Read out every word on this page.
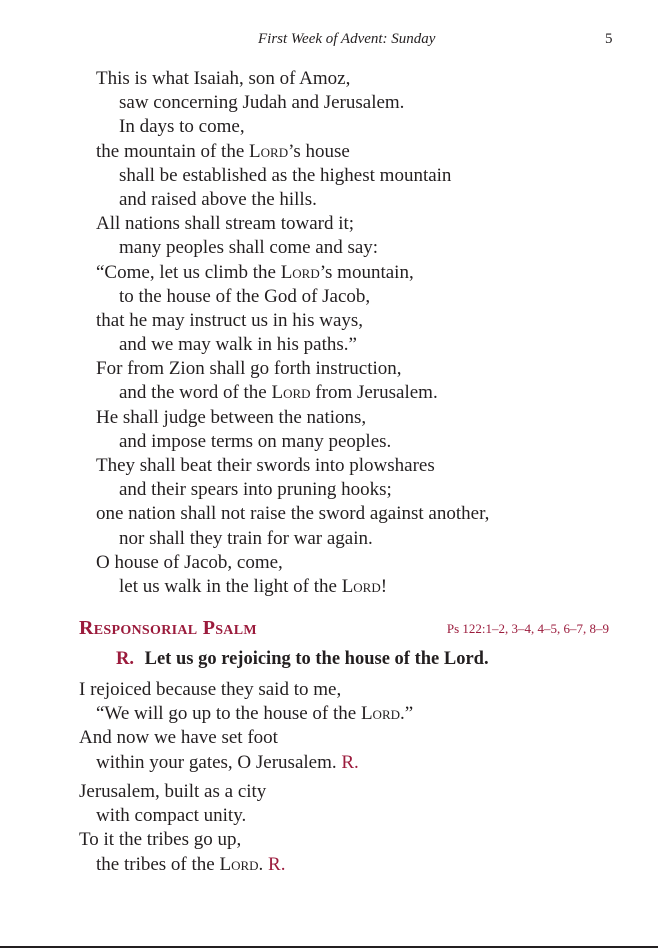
First Week of Advent: Sunday	5
This is what Isaiah, son of Amoz,
saw concerning Judah and Jerusalem.
In days to come,
the mountain of the Lord’s house
shall be established as the highest mountain
and raised above the hills.
All nations shall stream toward it;
many peoples shall come and say:
“Come, let us climb the Lord’s mountain,
to the house of the God of Jacob,
that he may instruct us in his ways,
and we may walk in his paths.”
For from Zion shall go forth instruction,
and the word of the Lord from Jerusalem.
He shall judge between the nations,
and impose terms on many peoples.
They shall beat their swords into plowshares
and their spears into pruning hooks;
one nation shall not raise the sword against another,
nor shall they train for war again.
O house of Jacob, come,
let us walk in the light of the Lord!
Responsorial Psalm	Ps 122:1–2, 3–4, 4–5, 6–7, 8–9
R. Let us go rejoicing to the house of the Lord.
I rejoiced because they said to me,
“We will go up to the house of the Lord.”
And now we have set foot
within your gates, O Jerusalem. R.
Jerusalem, built as a city
with compact unity.
To it the tribes go up,
the tribes of the Lord. R.
